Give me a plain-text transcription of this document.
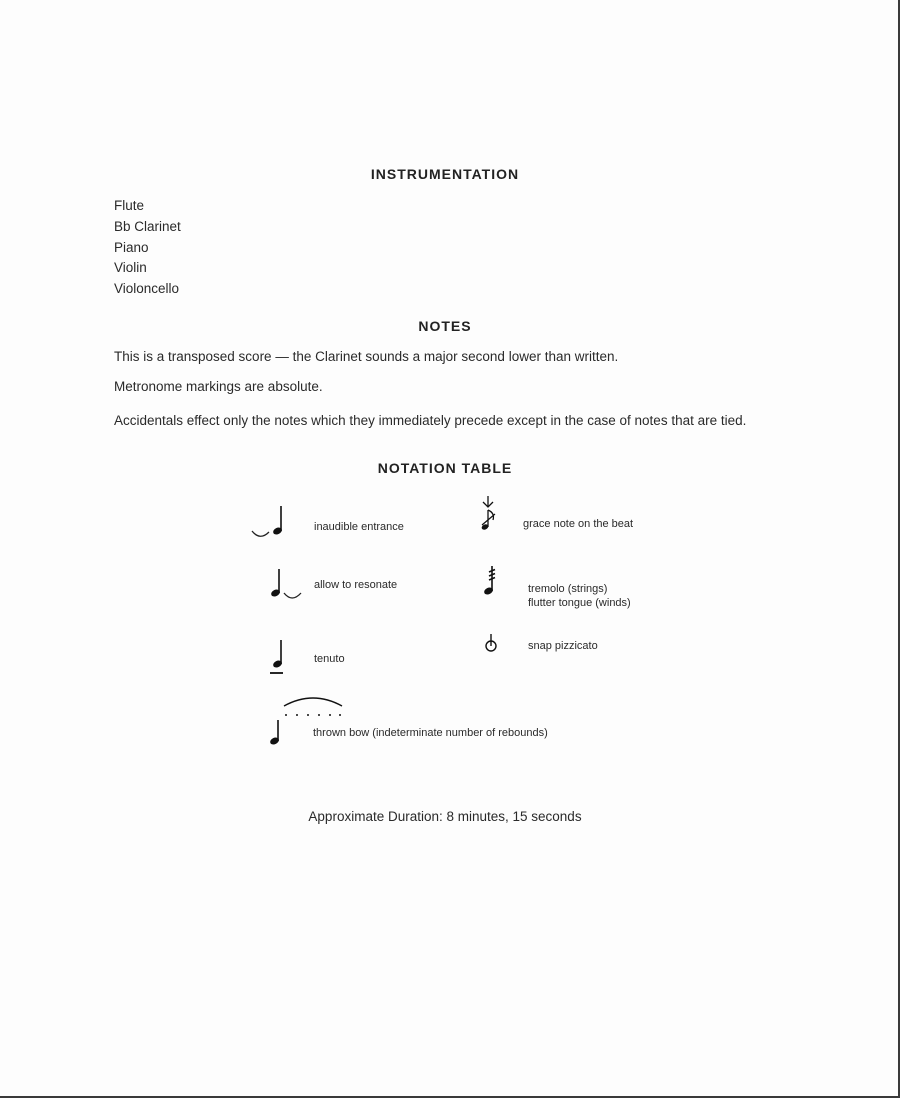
INSTRUMENTATION
Flute
Bb Clarinet
Piano
Violin
Violoncello
NOTES

This is a transposed score — the Clarinet sounds a major second lower than written.

Metronome markings are absolute.

Accidentals effect only the notes which they immediately precede except in the case of notes that are tied.

NOTATION TABLE
inaudible entrance	grace note on the beat
allow to resonate	tremolo (strings)
flutter tongue (winds)
tenuto
snap pizzicato
thrown bow (indeterminate number of rebounds)
Approximate Duration: 8 minutes, 15 seconds
